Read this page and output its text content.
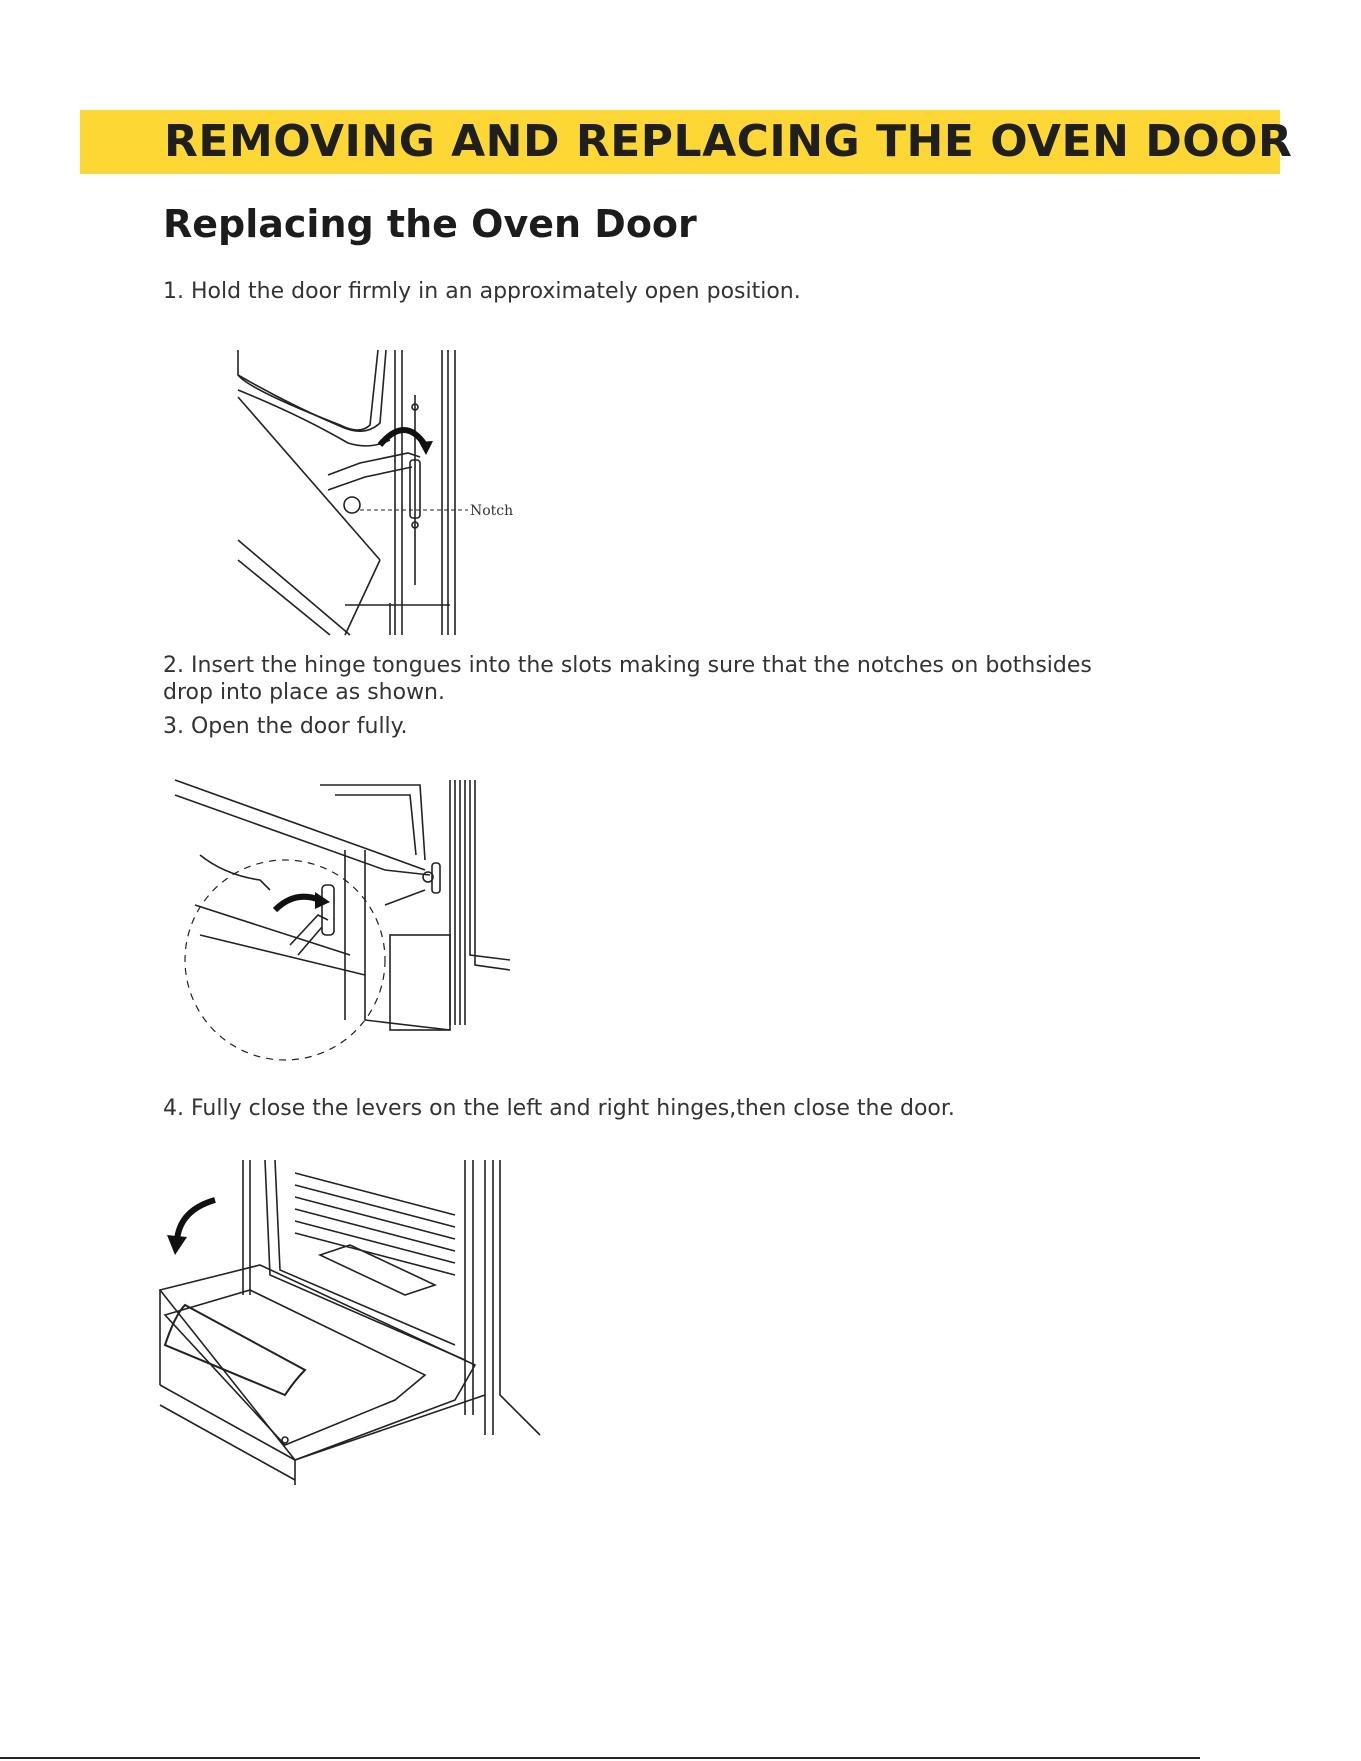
REMOVING AND REPLACING THE OVEN DOOR
Replacing the Oven Door
1. Hold the door firmly in an approximately open position.
Notch
2. Insert the hinge tongues into the slots making sure that the notches on bothsides
drop into place as shown.
3. Open the door fully.
4. Fully close the levers on the left and right hinges,then close the door.
